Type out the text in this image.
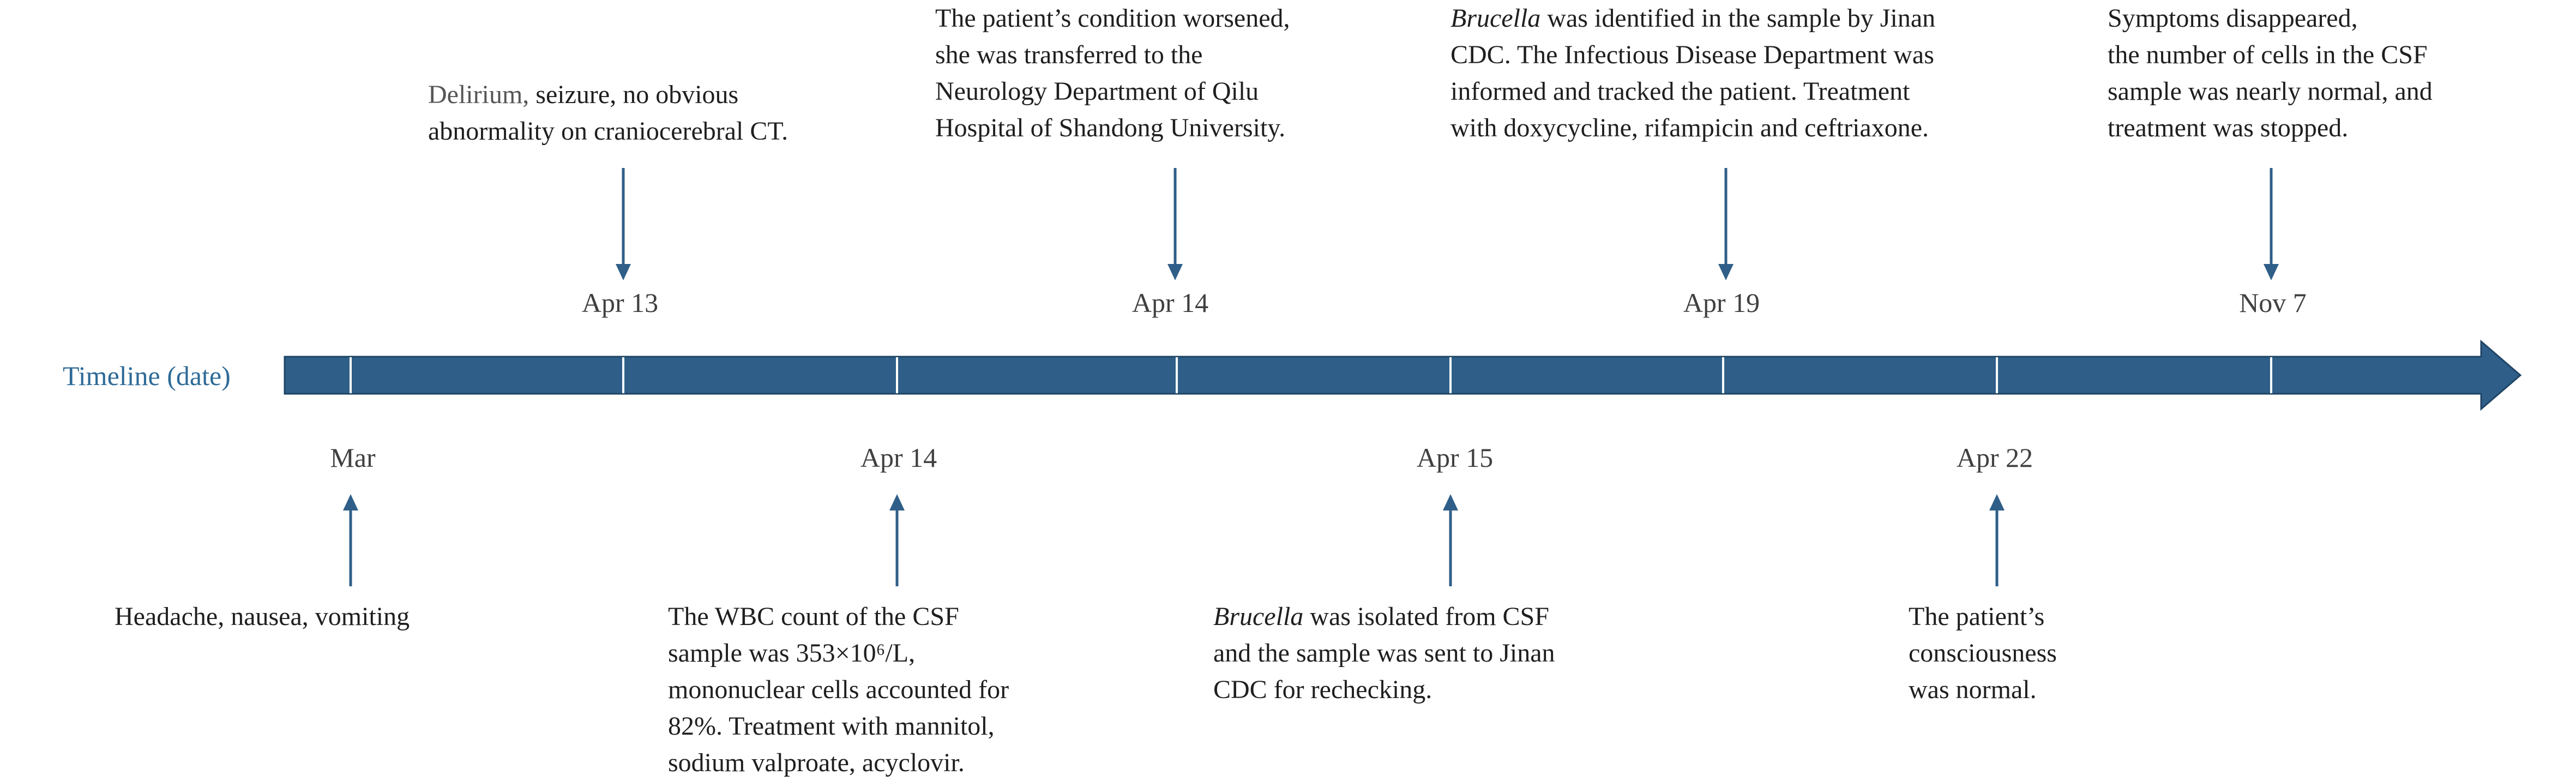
Timeline (date)
Apr 13	Apr 14	Apr 19	Nov 7
Mar	Apr 14	Apr 15	Apr 22
Delirium, seizure, no obvious
abnormality on craniocerebral CT.
The patient’s condition worsened,
she was transferred to the
Neurology Department of Qilu
Hospital of Shandong University.
Brucella was identified in the sample by Jinan
CDC. The Infectious Disease Department was
informed and tracked the patient. Treatment
with doxycycline, rifampicin and ceftriaxone.
Symptoms disappeared,
the number of cells in the CSF
sample was nearly normal, and
treatment was stopped.
Headache, nausea, vomiting	The WBC count of the CSF
sample was 353×10⁶/L,
mononuclear cells accounted for
82%. Treatment with mannitol,
sodium valproate, acyclovir.
Brucella was isolated from CSF
and the sample was sent to Jinan
CDC for rechecking.
The patient’s
consciousness
was normal.
